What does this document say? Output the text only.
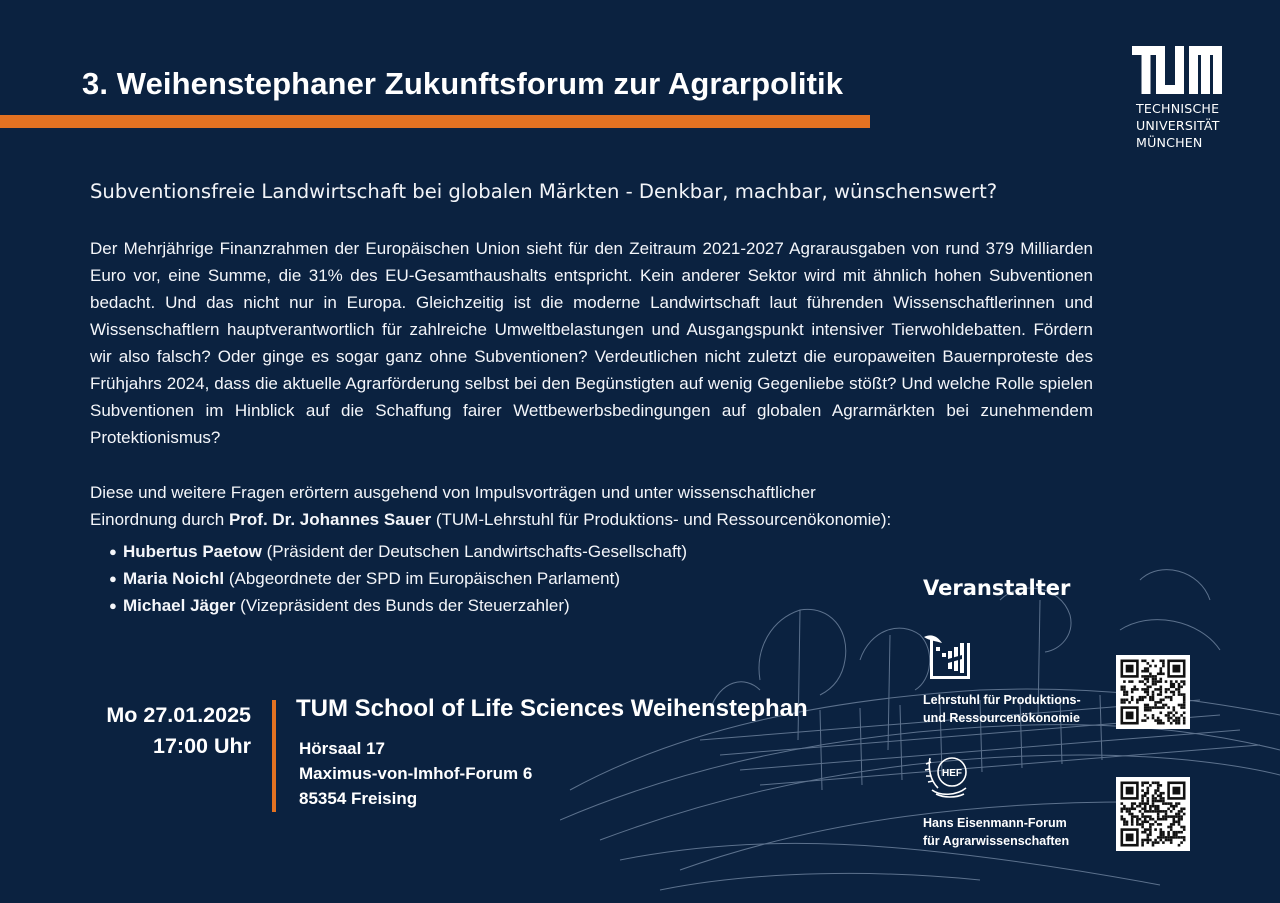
3. Weihenstephaner Zukunftsforum zur Agrarpolitik
TECHNISCHE
UNIVERSITÄT
MÜNCHEN
Subventionsfreie Landwirtschaft bei globalen Märkten - Denkbar, machbar, wünschenswert?

Der Mehrjährige Finanzrahmen der Europäischen Union sieht für den Zeitraum 2021-2027 Agrarausgaben von rund 379 Milliarden Euro vor, eine Summe, die 31% des EU-Gesamthaushalts entspricht. Kein anderer Sektor wird mit ähnlich hohen Subventionen bedacht. Und das nicht nur in Europa. Gleichzeitig ist die moderne Landwirtschaft laut führenden Wissenschaftlerinnen und Wissenschaftlern hauptverantwortlich für zahlreiche Umweltbelastungen und Ausgangspunkt intensiver Tierwohldebatten. Fördern wir also falsch? Oder ginge es sogar ganz ohne Subventionen? Verdeutlichen nicht zuletzt die europaweiten Bauernproteste des Frühjahrs 2024, dass die aktuelle Agrarförderung selbst bei den Begünstigten auf wenig Gegenliebe stößt? Und welche Rolle spielen Subventionen im Hinblick auf die Schaffung fairer Wettbewerbsbedingungen auf globalen Agrarmärkten bei zunehmendem Protektionismus?

Diese und weitere Fragen erörtern ausgehend von Impulsvorträgen und unter wissenschaftlicher
Einordnung durch Prof. Dr. Johannes Sauer (TUM-Lehrstuhl für Produktions- und Ressourcenökonomie):

● Hubertus Paetow (Präsident der Deutschen Landwirtschafts-Gesellschaft)
● Maria Noichl (Abgeordnete der SPD im Europäischen Parlament)
● Michael Jäger (Vizepräsident des Bunds der Steuerzahler)
Mo 27.01.2025
17:00 Uhr
TUM School of Life Sciences Weihenstephan
Hörsaal 17
Maximus-von-Imhof-Forum 6
85354 Freising
Veranstalter
Lehrstuhl für Produktions-
und Ressourcenökonomie
HEF
Hans Eisenmann-Forum
für Agrarwissenschaften
